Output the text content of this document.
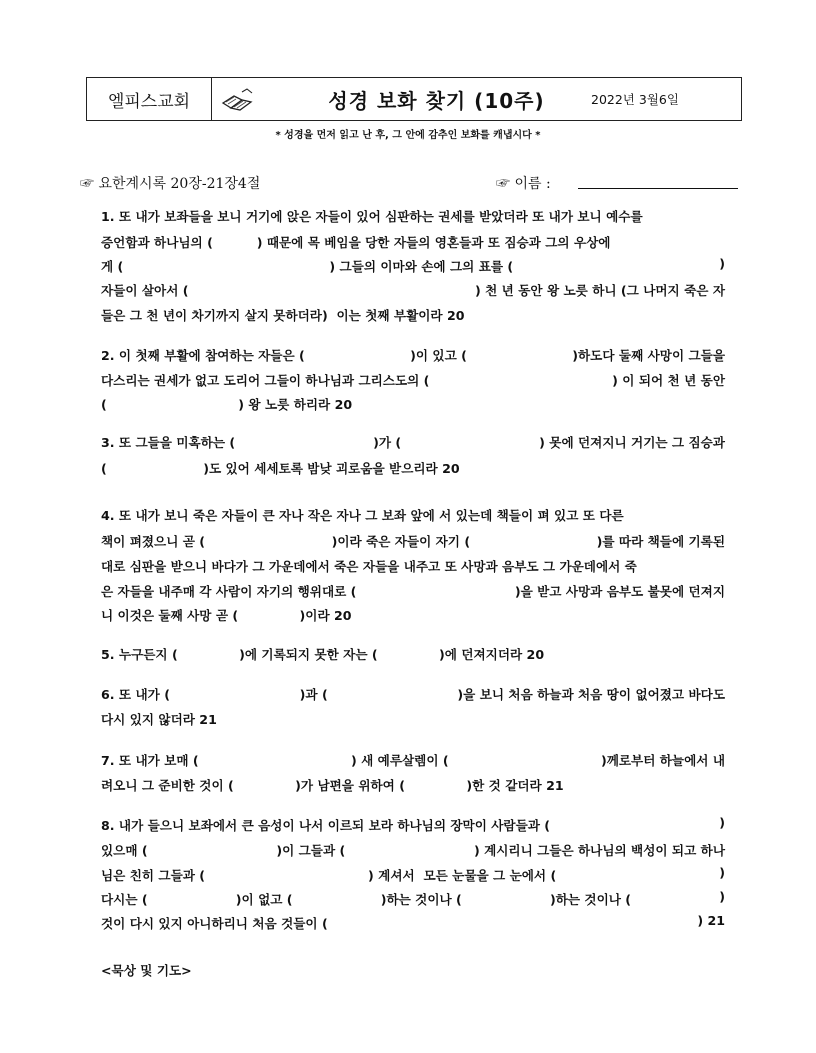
엘피스교회	성경 보화 찾기 (10주)	2022년 3월6일
* 성경을 먼저 읽고 난 후, 그 안에 감추인 보화를 캐냅시다 *
☞ 요한계시록 20장-21장4절	☞ 이름 :
1. 또 내가 보좌들을 보니 거기에 앉은 자들이 있어 심판하는 권세를 받았더라 또 내가 보니 예수를
증언함과 하나님의 (          ) 때문에 목 베임을 당한 자들의 영혼들과 또 짐승과 그의 우상에
게 (	) 그들의 이마와 손에 그의 표를 (	)
자들이 살아서 (	) 천 년 동안 왕 노릇 하니 (그 나머지 죽은 자
들은 그 천 년이 차기까지 살지 못하더라)  이는 첫째 부활이라 20
2. 이 첫째 부활에 참여하는 자들은 (	)이 있고 (	)하도다 둘째 사망이 그들을
다스리는 권세가 없고 도리어 그들이 하나님과 그리스도의 (	) 이 되어 천 년 동안
(                              ) 왕 노릇 하리라 20
3. 또 그들을 미혹하는 (	)가 (	) 못에 던져지니 거기는 그 짐승과
(                      )도 있어 세세토록 밤낮 괴로움을 받으리라 20
4. 또 내가 보니 죽은 자들이 큰 자나 작은 자나 그 보좌 앞에 서 있는데 책들이 펴 있고 또 다른
책이 펴졌으니 곧 (	)이라 죽은 자들이 자기 (	)를 따라 책들에 기록된
대로 심판을 받으니 바다가 그 가운데에서 죽은 자들을 내주고 또 사망과 음부도 그 가운데에서 죽
은 자들을 내주매 각 사람이 자기의 행위대로 (	)을 받고 사망과 음부도 불못에 던져지
니 이것은 둘째 사망 곧 (              )이라 20
5. 누구든지 (              )에 기록되지 못한 자는 (              )에 던져지더라 20
6. 또 내가 (	)과 (	)을 보니 처음 하늘과 처음 땅이 없어졌고 바다도
다시 있지 않더라 21
7. 또 내가 보매 (	) 새 예루살렘이 (	)께로부터 하늘에서 내
려오니 그 준비한 것이 (              )가 남편을 위하여 (              )한 것 같더라 21
8. 내가 들으니 보좌에서 큰 음성이 나서 이르되 보라 하나님의 장막이 사람들과 (	)
있으매 (	)이 그들과 (	) 계시리니 그들은 하나님의 백성이 되고 하나
님은 친히 그들과 (	) 계셔서  모든 눈물을 그 눈에서 (	)
다시는 (	)이 없고 (	)하는 것이나 (	)하는 것이나 (	)
것이 다시 있지 아니하리니 처음 것들이 (	) 21
<묵상 및 기도>
